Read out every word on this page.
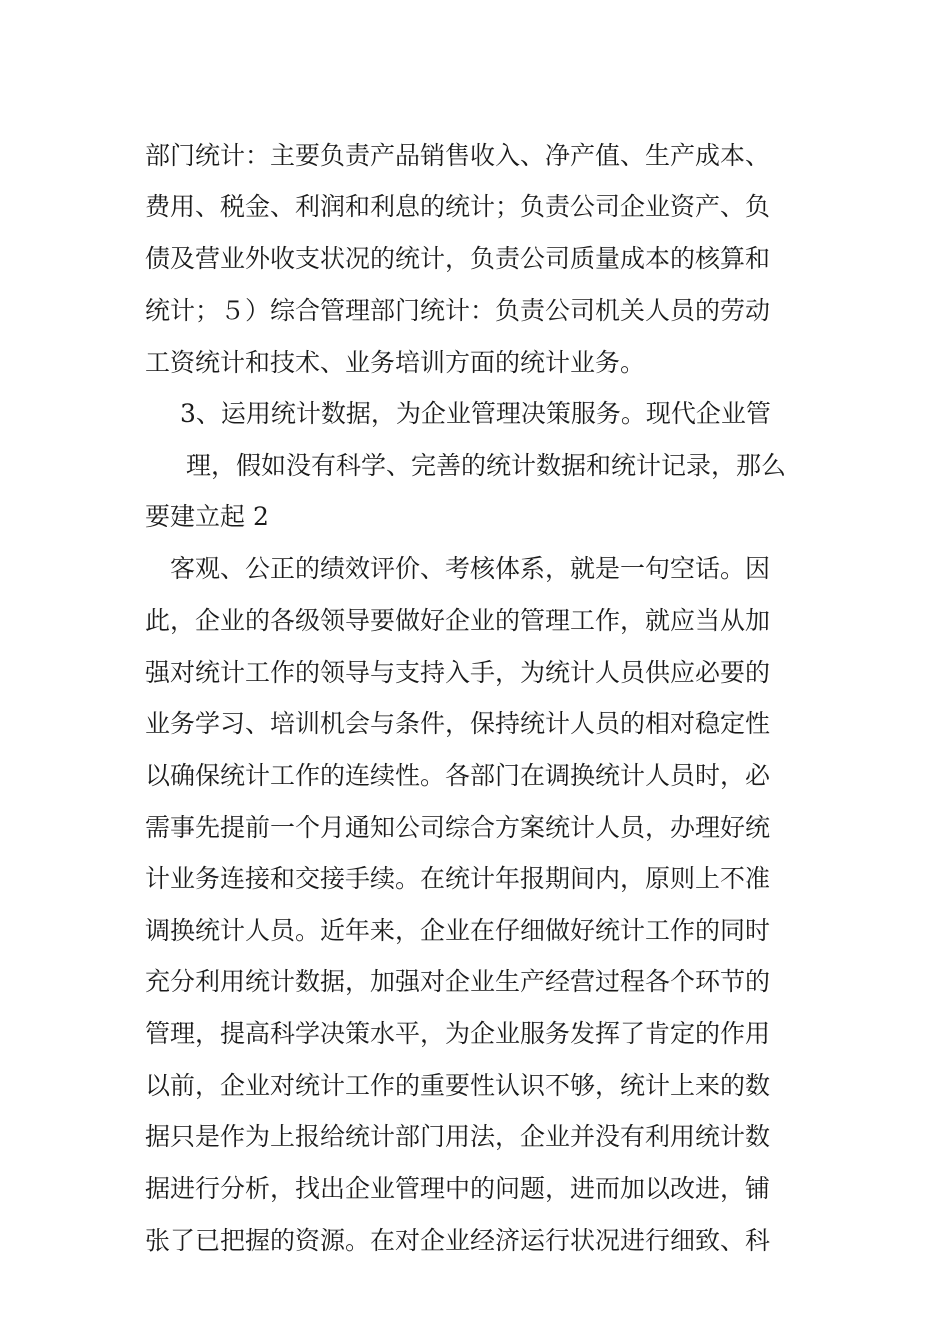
部门统计：主要负责产品销售收入、净产值、生产成本、
费用、税金、利润和利息的统计；负责公司企业资产、负
债及营业外收支状况的统计，负责公司质量成本的核算和
统计；５）综合管理部门统计：负责公司机关人员的劳动
工资统计和技术、业务培训方面的统计业务。
3、运用统计数据，为企业管理决策服务。现代企业管
理，假如没有科学、完善的统计数据和统计记录，那么
要建立起 2
客观、公正的绩效评价、考核体系，就是一句空话。因
此，企业的各级领导要做好企业的管理工作，就应当从加
强对统计工作的领导与支持入手，为统计人员供应必要的
业务学习、培训机会与条件，保持统计人员的相对稳定性
以确保统计工作的连续性。各部门在调换统计人员时，必
需事先提前一个月通知公司综合方案统计人员，办理好统
计业务连接和交接手续。在统计年报期间内，原则上不准
调换统计人员。近年来，企业在仔细做好统计工作的同时
充分利用统计数据，加强对企业生产经营过程各个环节的
管理，提高科学决策水平，为企业服务发挥了肯定的作用
以前，企业对统计工作的重要性认识不够，统计上来的数
据只是作为上报给统计部门用法，企业并没有利用统计数
据进行分析，找出企业管理中的问题，进而加以改进，铺
张了已把握的资源。在对企业经济运行状况进行细致、科
